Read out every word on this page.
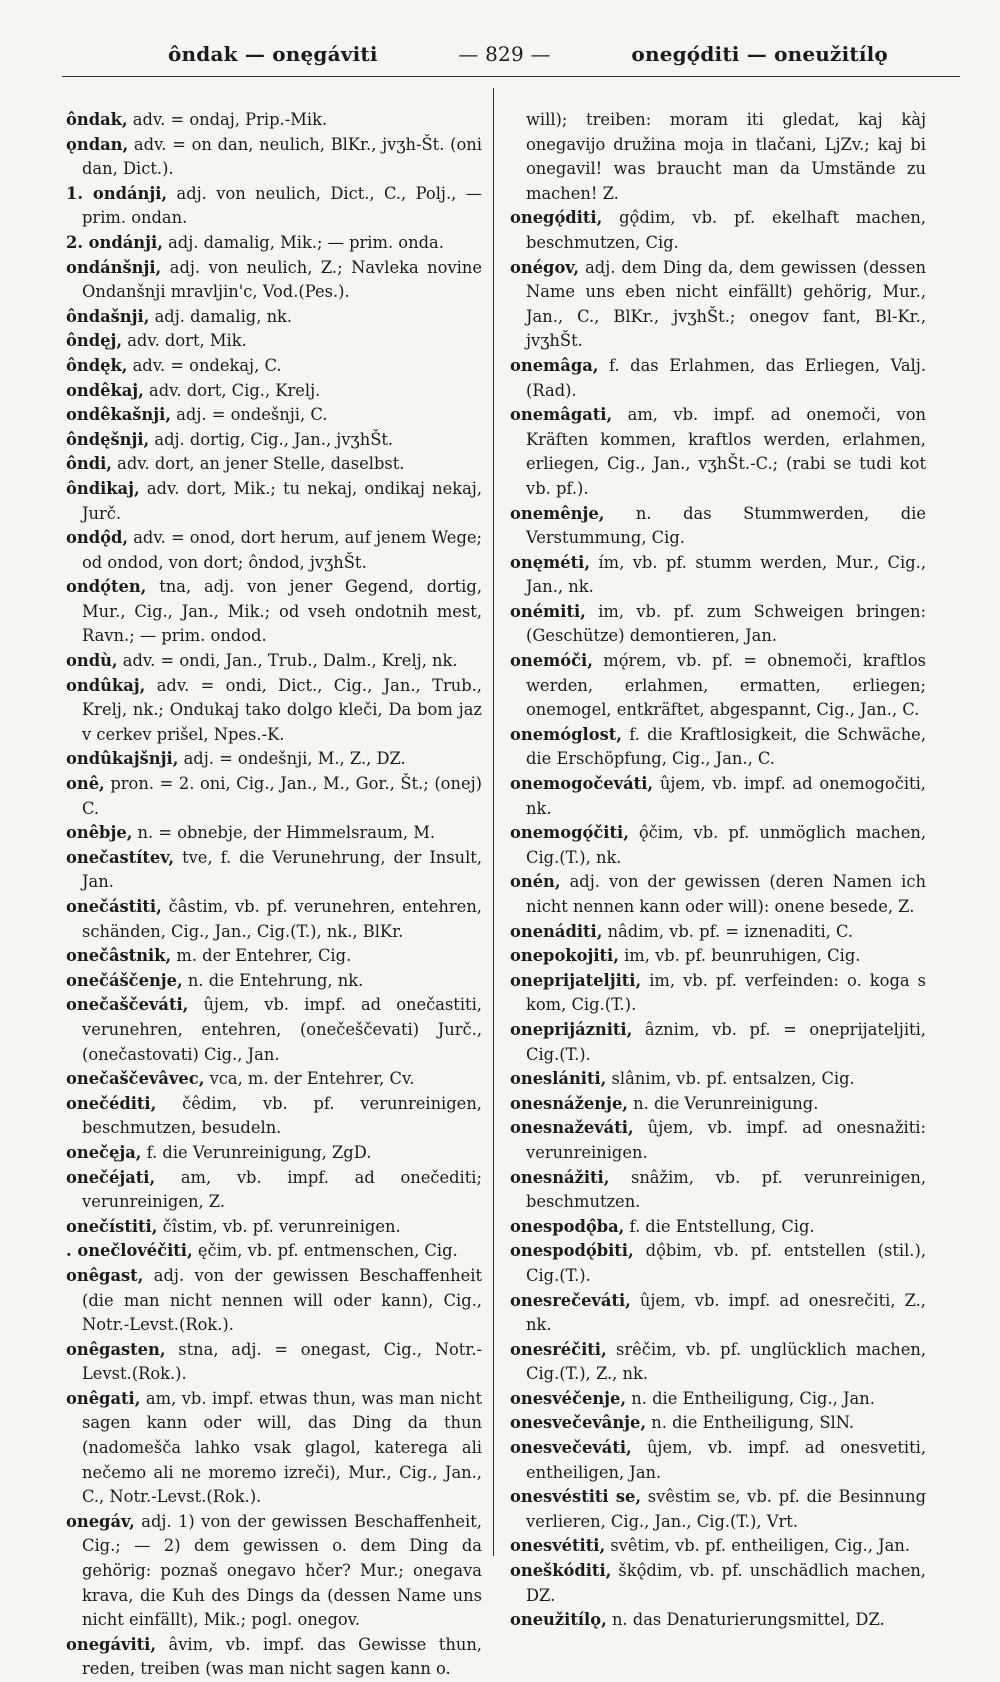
ôndak — onęgáviti	— 829 —	onegǫ́diti — oneužitílǫ
ôndak, adv. = ondaj, Prip.-Mik.
ǫndan, adv. = on dan, neulich, BlKr., jvʒh-Št. (oni dan, Dict.).
1. ondánji, adj. von neulich, Dict., C., Polj., — prim. ondan.
2. ondánji, adj. damalig, Mik.; — prim. onda.
ondánšnji, adj. von neulich, Z.; Navleka novine Ondanšnji mravljin'c, Vod.(Pes.).
ôndašnji, adj. damalig, nk.
ôndęj, adv. dort, Mik.
ôndęk, adv. = ondekaj, C.
ondêkaj, adv. dort, Cig., Krelj.
ondêkašnji, adj. = ondešnji, C.
ôndęšnji, adj. dortig, Cig., Jan., jvʒhŠt.
ôndi, adv. dort, an jener Stelle, daselbst.
ôndikaj, adv. dort, Mik.; tu nekaj, ondikaj nekaj, Jurč.
ondǫ̂d, adv. = onod, dort herum, auf jenem Wege; od ondod, von dort; ôndod, jvʒhŠt.
ondǫ́ten, tna, adj. von jener Gegend, dortig, Mur., Cig., Jan., Mik.; od vseh ondotnih mest, Ravn.; — prim. ondod.
ondù, adv. = ondi, Jan., Trub., Dalm., Krelj, nk.
ondûkaj, adv. = ondi, Dict., Cig., Jan., Trub., Krelj, nk.; Ondukaj tako dolgo kleči, Da bom jaz v cerkev prišel, Npes.-K.
ondûkajšnji, adj. = ondešnji, M., Z., DZ.
onê, pron. = 2. oni, Cig., Jan., M., Gor., Št.; (onej) C.
onêbje, n. = obnebje, der Himmelsraum, M.
onečastítev, tve, f. die Verunehrung, der Insult, Jan.
onečástiti, čâstim, vb. pf. verunehren, entehren, schänden, Cig., Jan., Cig.(T.), nk., BlKr.
onečâstnik, m. der Entehrer, Cig.
onečáščenje, n. die Entehrung, nk.
onečaščeváti, ûjem, vb. impf. ad onečastiti, verunehren, entehren, (onečeščevati) Jurč., (onečastovati) Cig., Jan.
onečaščevâvec, vca, m. der Entehrer, Cv.
onečéditi, čêdim, vb. pf. verunreinigen, beschmutzen, besudeln.
onečęja, f. die Verunreinigung, ZgD.
onečéjati, am, vb. impf. ad onečediti; verunreinigen, Z.
onečístiti, čîstim, vb. pf. verunreinigen.
. onečlovéčiti, ęčim, vb. pf. entmenschen, Cig.
onêgast, adj. von der gewissen Beschaffenheit (die man nicht nennen will oder kann), Cig., Notr.-Levst.(Rok.).
onêgasten, stna, adj. = onegast, Cig., Notr.-Levst.(Rok.).
onêgati, am, vb. impf. etwas thun, was man nicht sagen kann oder will, das Ding da thun (nadomešča lahko vsak glagol, katerega ali nečemo ali ne moremo izreči), Mur., Cig., Jan., C., Notr.-Levst.(Rok.).
onegáv, adj. 1) von der gewissen Beschaffenheit, Cig.; — 2) dem gewissen o. dem Ding da gehörig: poznaš onegavo hčer? Mur.; onegava krava, die Kuh des Dings da (dessen Name uns nicht einfällt), Mik.; pogl. onegov.
onegáviti, âvim, vb. impf. das Gewisse thun, reden, treiben (was man nicht sagen kann o.
will); treiben: moram iti gledat, kaj kàj onegavijo družina moja in tlačani, LjZv.; kaj bi onegavil! was braucht man da Umstände zu machen! Z.
onegǫ́diti, gǫ̂dim, vb. pf. ekelhaft machen, beschmutzen, Cig.
onégov, adj. dem Ding da, dem gewissen (dessen Name uns eben nicht einfällt) gehörig, Mur., Jan., C., BlKr., jvʒhŠt.; onegov fant, Bl-Kr., jvʒhŠt.
onemâga, f. das Erlahmen, das Erliegen, Valj.(Rad).
onemâgati, am, vb. impf. ad onemoči, von Kräften kommen, kraftlos werden, erlahmen, erliegen, Cig., Jan., vʒhŠt.-C.; (rabi se tudi kot vb. pf.).
onemênje, n. das Stummwerden, die Verstummung, Cig.
onęméti, ím, vb. pf. stumm werden, Mur., Cig., Jan., nk.
onémiti, im, vb. pf. zum Schweigen bringen: (Geschütze) demontieren, Jan.
onemóči, mǫ́rem, vb. pf. = obnemoči, kraftlos werden, erlahmen, ermatten, erliegen; onemogel, entkräftet, abgespannt, Cig., Jan., C.
onemóglost, f. die Kraftlosigkeit, die Schwäche, die Erschöpfung, Cig., Jan., C.
onemogočeváti, ûjem, vb. impf. ad onemogočiti, nk.
onemogǫ́čiti, ǫ̂čim, vb. pf. unmöglich machen, Cig.(T.), nk.
onén, adj. von der gewissen (deren Namen ich nicht nennen kann oder will): onene besede, Z.
onenáditi, nâdim, vb. pf. = iznenaditi, C.
onepokojiti, im, vb. pf. beunruhigen, Cig.
oneprijateljiti, im, vb. pf. verfeinden: o. koga s kom, Cig.(T.).
oneprijázniti, âznim, vb. pf. = oneprijateljiti, Cig.(T.).
oneslániti, slânim, vb. pf. entsalzen, Cig.
onesnáženje, n. die Verunreinigung.
onesnaževáti, ûjem, vb. impf. ad onesnažiti: verunreinigen.
onesnážiti, snâžim, vb. pf. verunreinigen, beschmutzen.
onespodǫ̂ba, f. die Entstellung, Cig.
onespodǫ́biti, dǫ̂bim, vb. pf. entstellen (stil.), Cig.(T.).
onesrečeváti, ûjem, vb. impf. ad onesrečiti, Z., nk.
onesréčiti, srêčim, vb. pf. unglücklich machen, Cig.(T.), Z., nk.
onesvéčenje, n. die Entheiligung, Cig., Jan.
onesvečevânje, n. die Entheiligung, SlN.
onesvečeváti, ûjem, vb. impf. ad onesvetiti, entheiligen, Jan.
onesvéstiti se, svêstim se, vb. pf. die Besinnung verlieren, Cig., Jan., Cig.(T.), Vrt.
onesvétiti, svêtim, vb. pf. entheiligen, Cig., Jan.
oneškóditi, škǫ̂dim, vb. pf. unschädlich machen, DZ.
oneužitílǫ, n. das Denaturierungsmittel, DZ.
